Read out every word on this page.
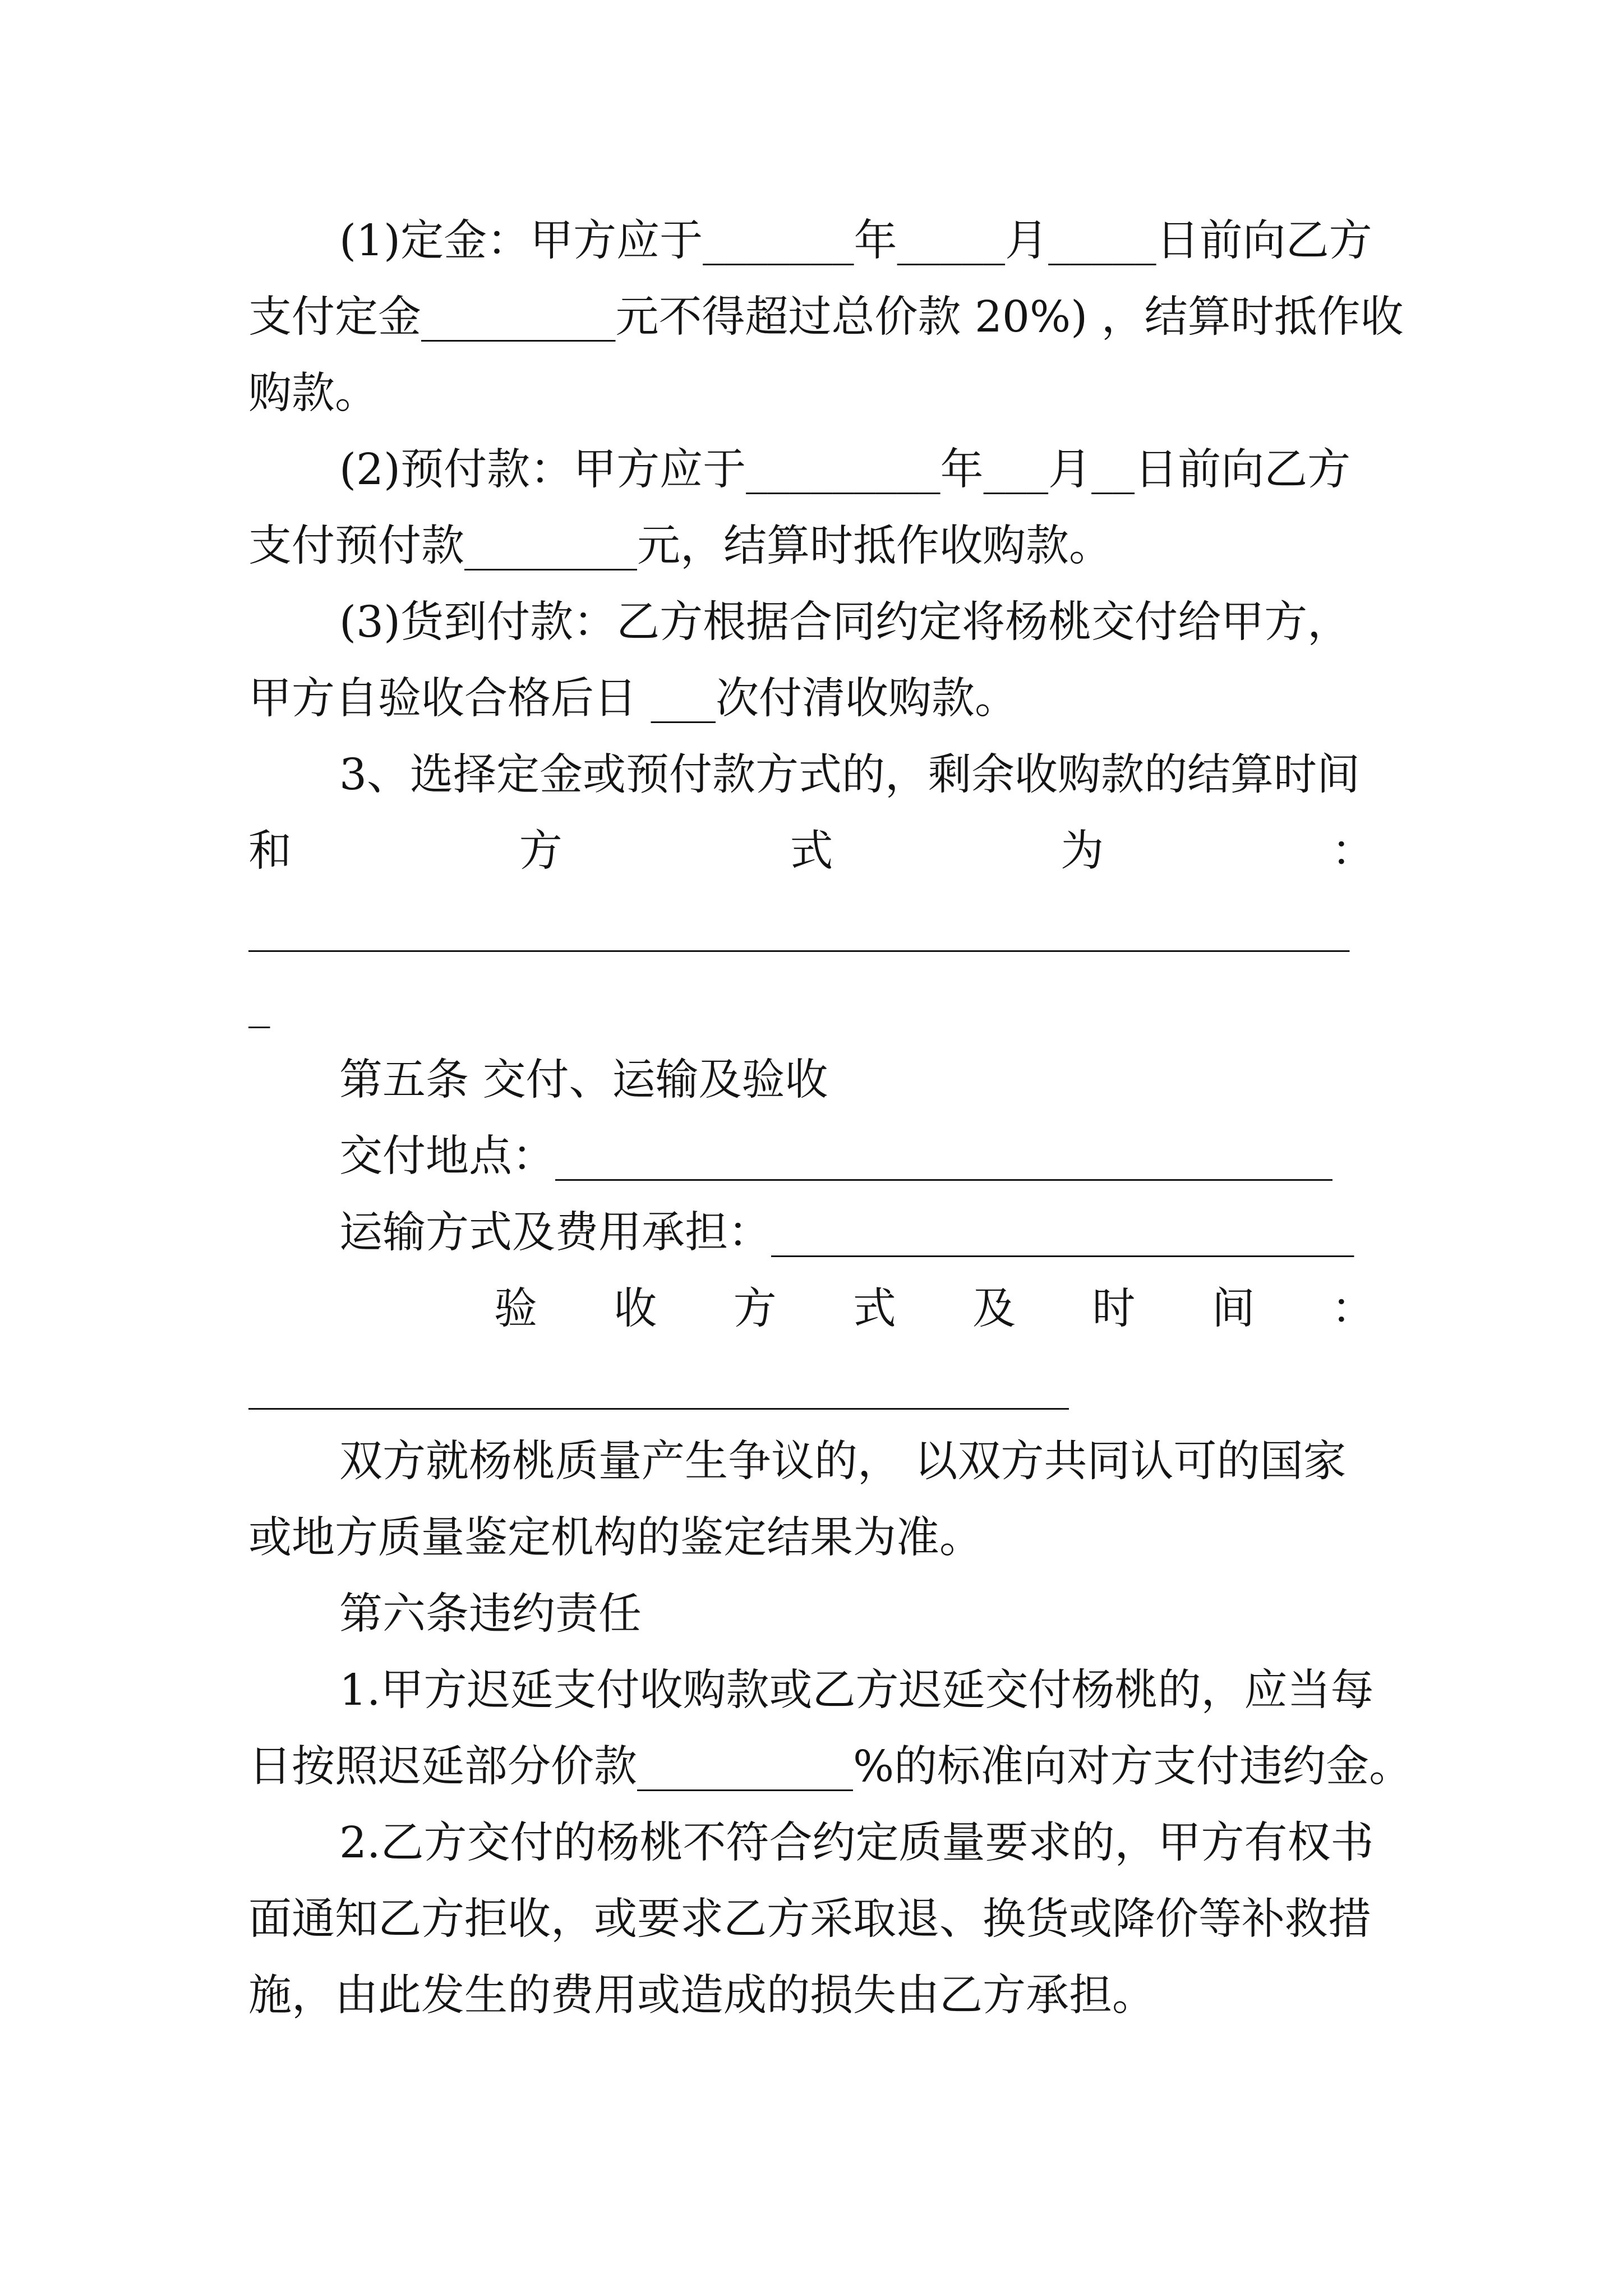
(1)定金：甲方应于_______年_____月_____日前向乙方
支付定金_________元不得超过总价款 20%) ，结算时抵作收
购款。
(2)预付款：甲方应于_________年___月__日前向乙方
支付预付款________元，结算时抵作收购款。
(3)货到付款：乙方根据合同约定将杨桃交付给甲方，
甲方自验收合格后日 ___次付清收购款。
3、选择定金或预付款方式的，剩余收购款的结算时间
和	方	式	为	：
___________________________________________________
_
第五条 交付、运输及验收
交付地点：____________________________________
运输方式及费用承担：___________________________
验 收 方 式 及 时 间 ：
______________________________________
双方就杨桃质量产生争议的， 以双方共同认可的国家
或地方质量鉴定机构的鉴定结果为准。
第六条违约责任
1.甲方迟延支付收购款或乙方迟延交付杨桃的，应当每
日按照迟延部分价款__________%的标准向对方支付违约金。
2.乙方交付的杨桃不符合约定质量要求的，甲方有权书
面通知乙方拒收，或要求乙方采取退、换货或降价等补救措
施，由此发生的费用或造成的损失由乙方承担。
